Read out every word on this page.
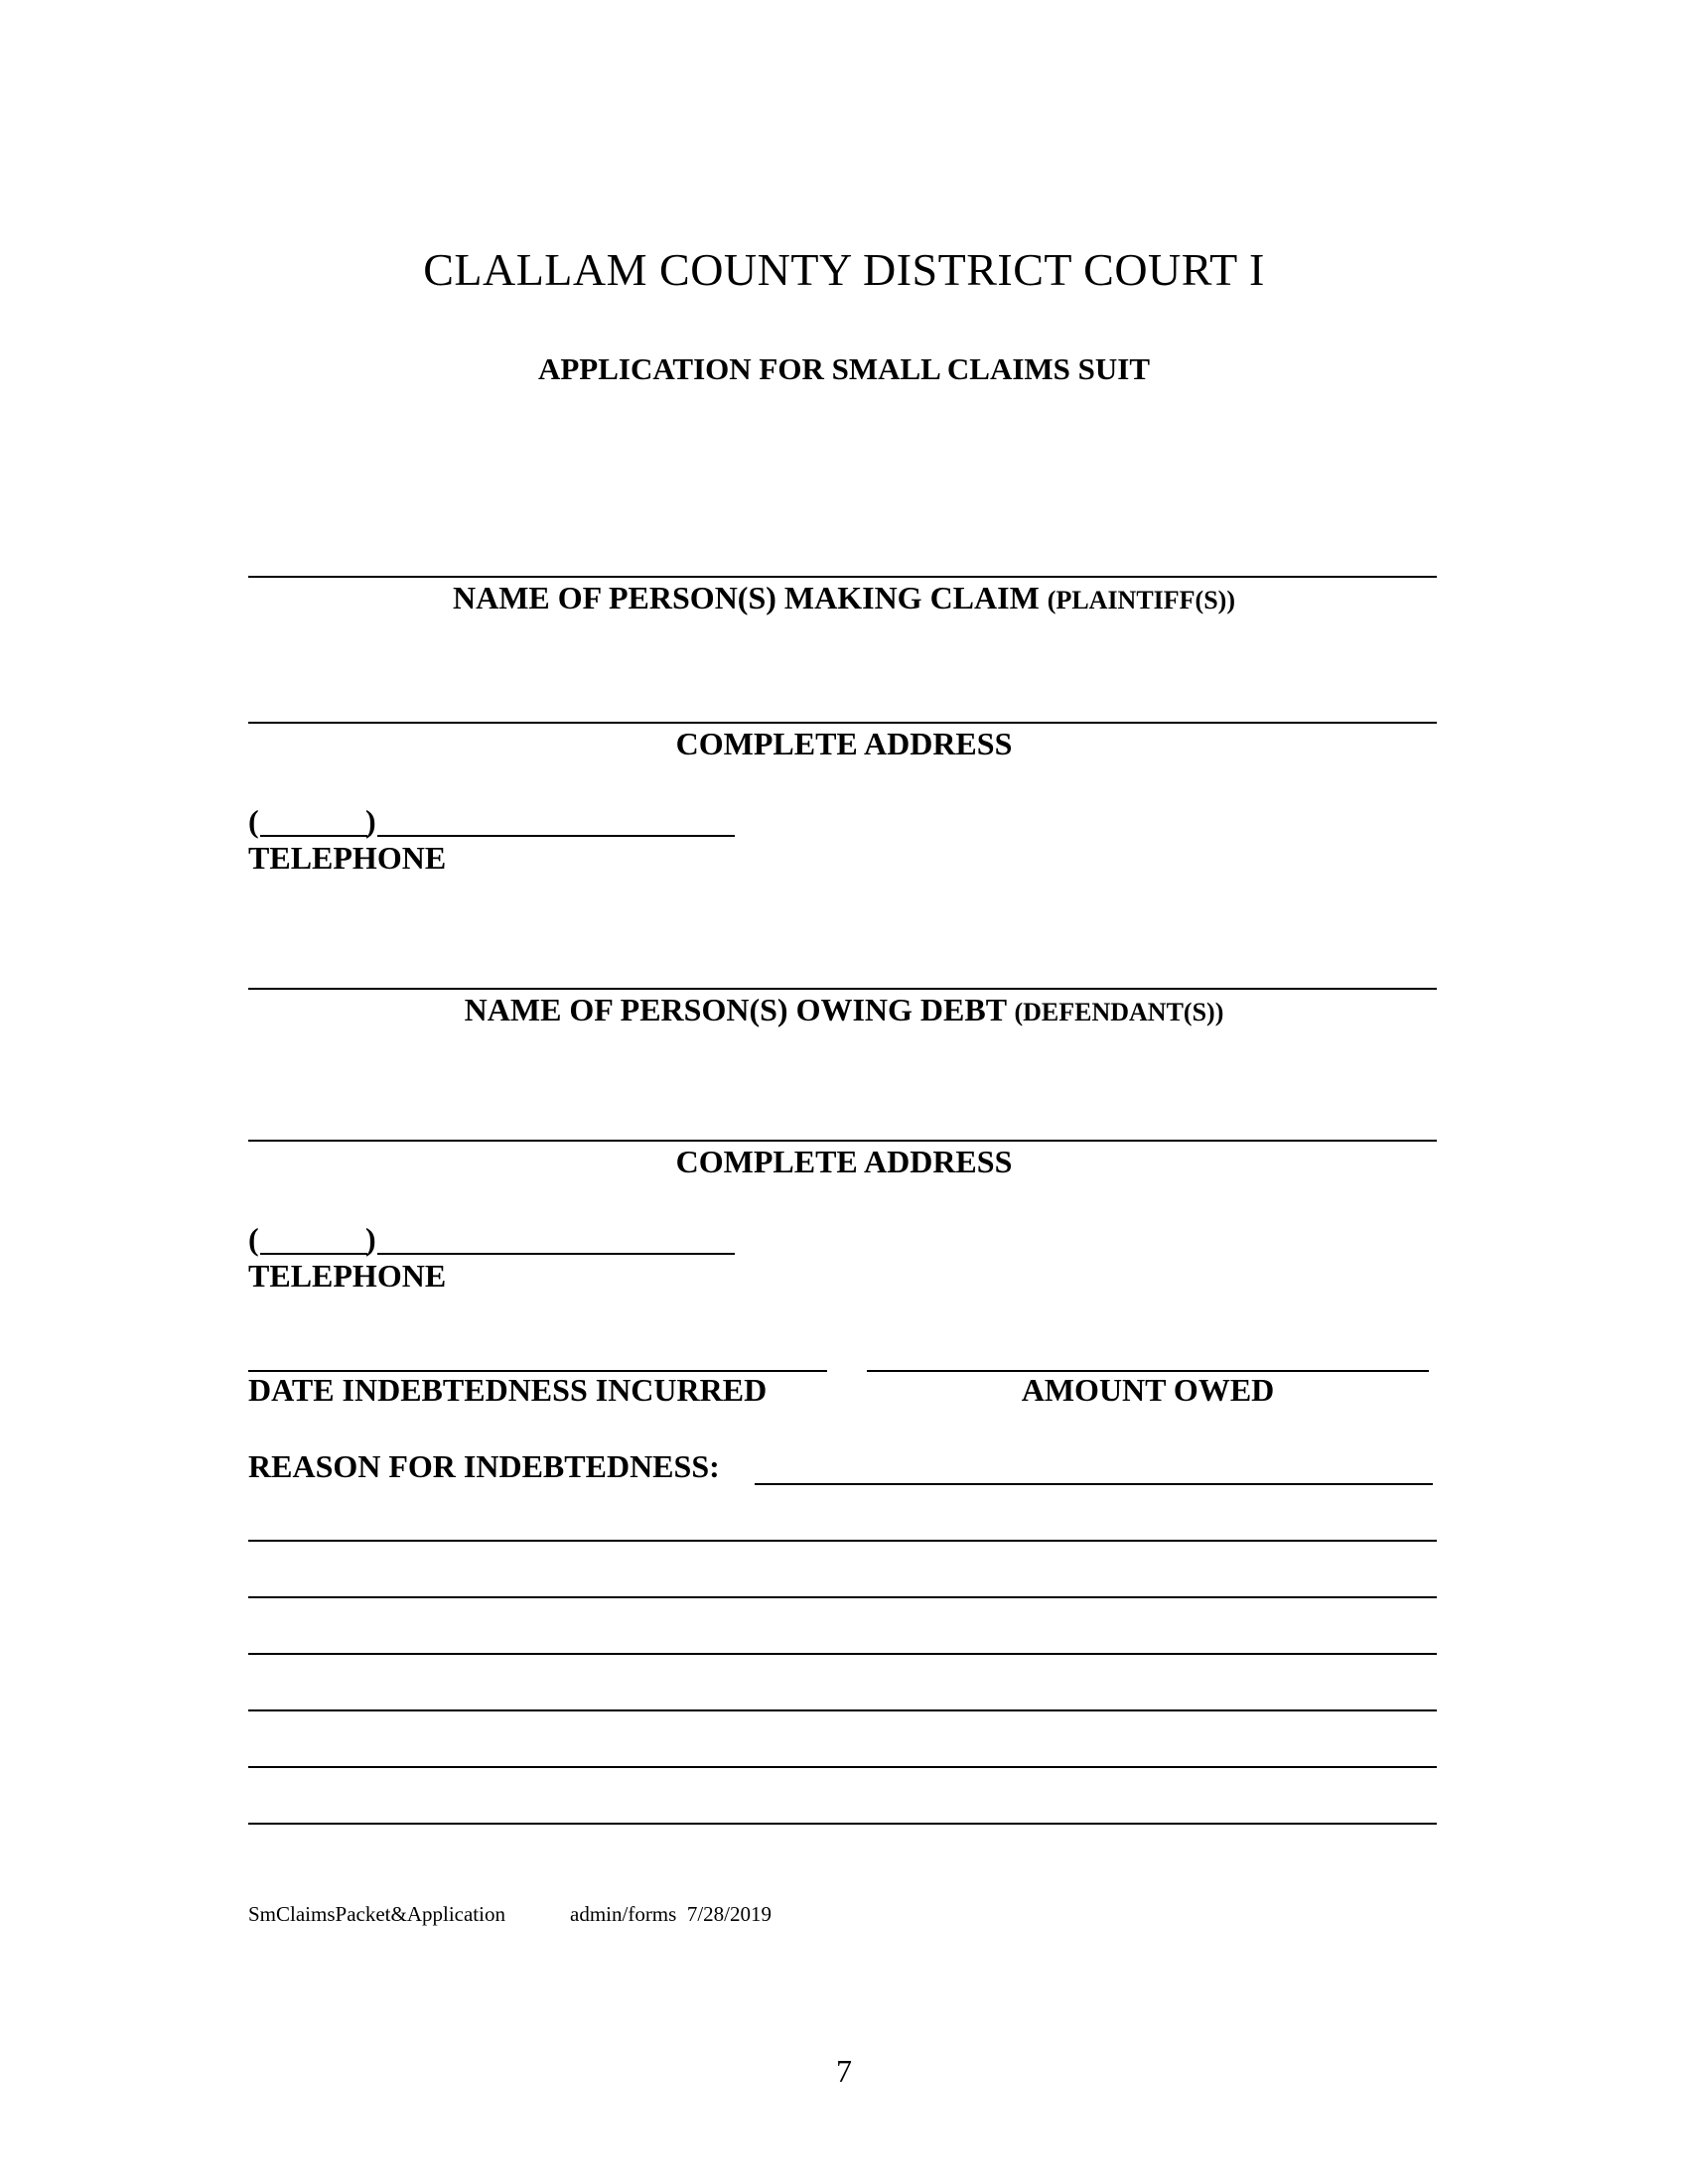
CLALLAM COUNTY DISTRICT COURT I
APPLICATION FOR SMALL CLAIMS SUIT
NAME OF PERSON(S) MAKING CLAIM (PLAINTIFF(S))
COMPLETE ADDRESS
(	)
TELEPHONE
NAME OF PERSON(S) OWING DEBT (DEFENDANT(S))
COMPLETE ADDRESS
(	)
TELEPHONE
DATE INDEBTEDNESS INCURRED	AMOUNT OWED
REASON FOR INDEBTEDNESS:
SmClaimsPacket&Application	admin/forms  7/28/2019
7
